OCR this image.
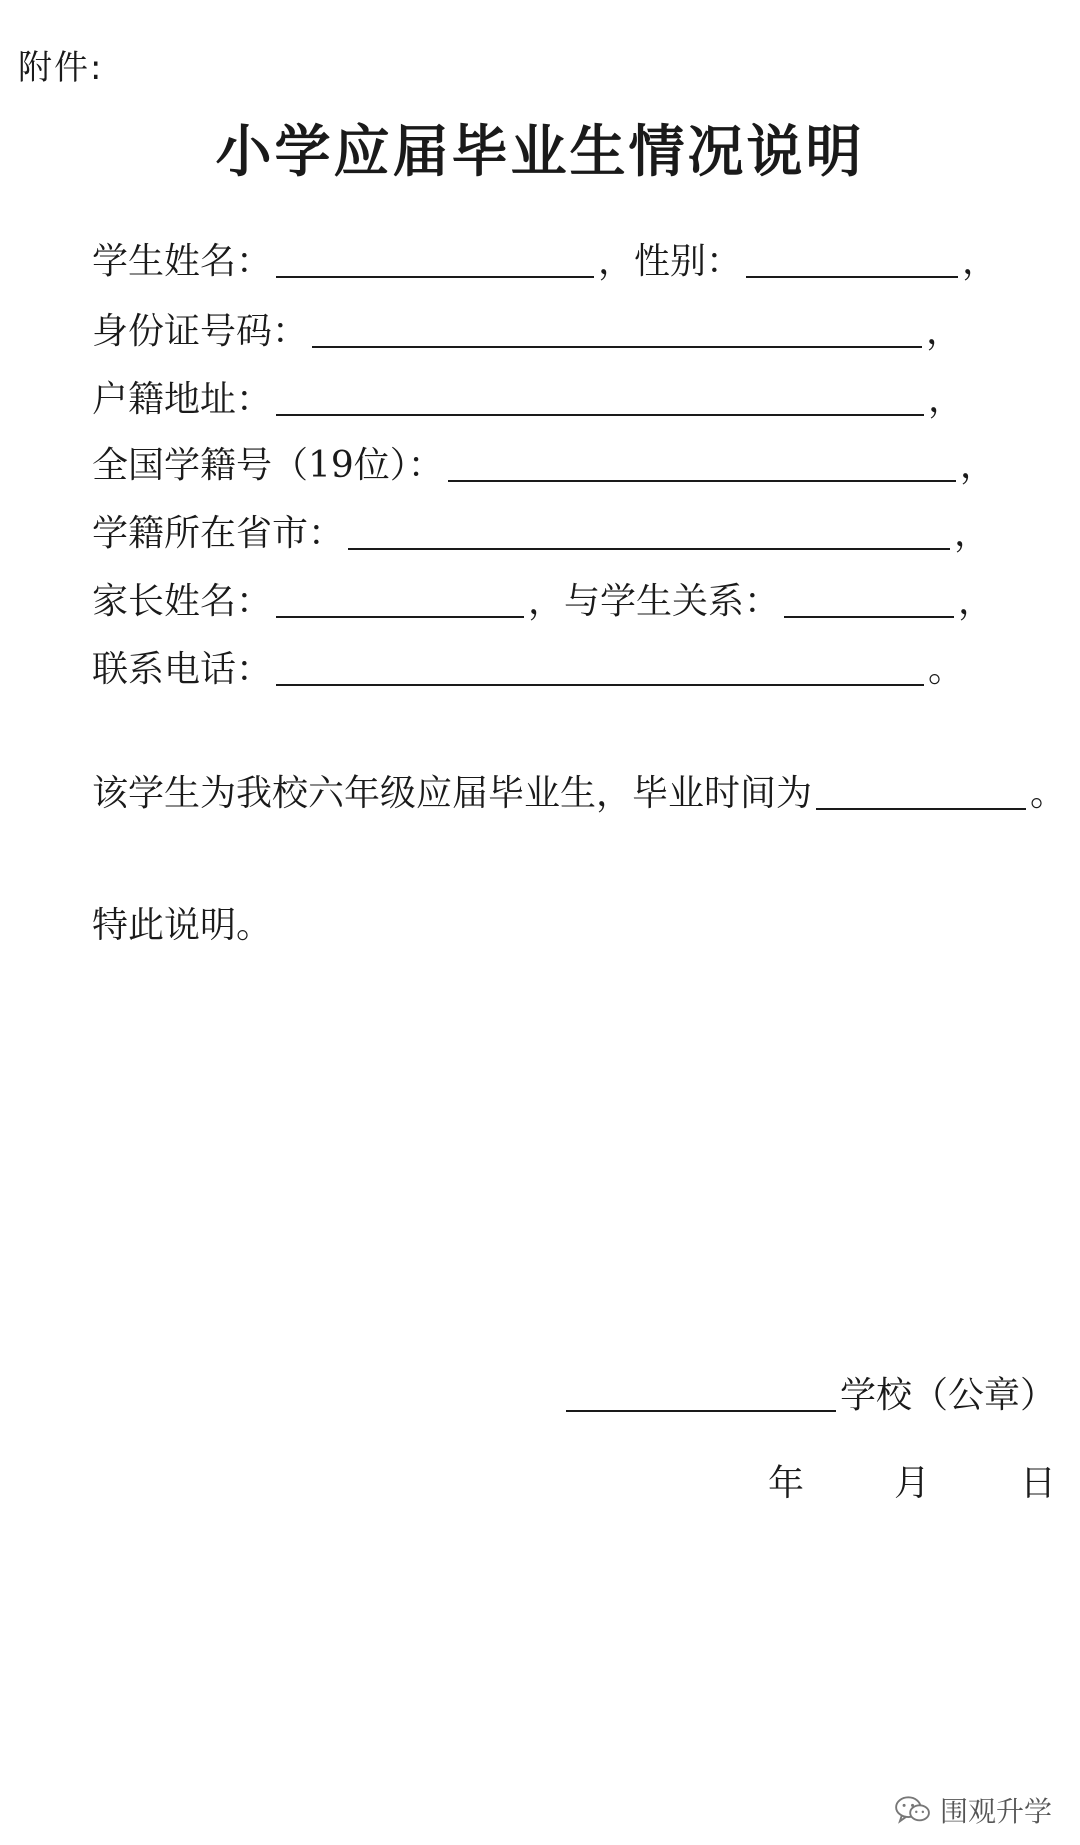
附件:
小学应届毕业生情况说明
学生姓名：	，性别：	，
身份证号码：	，
户籍地址：	，
全国学籍号（19位）：	，
学籍所在省市：	，
家长姓名：	，与学生关系：	，
联系电话：	。
该学生为我校六年级应届毕业生，毕业时间为	。
特此说明。
学校（公章）
年	月	日
围观升学
